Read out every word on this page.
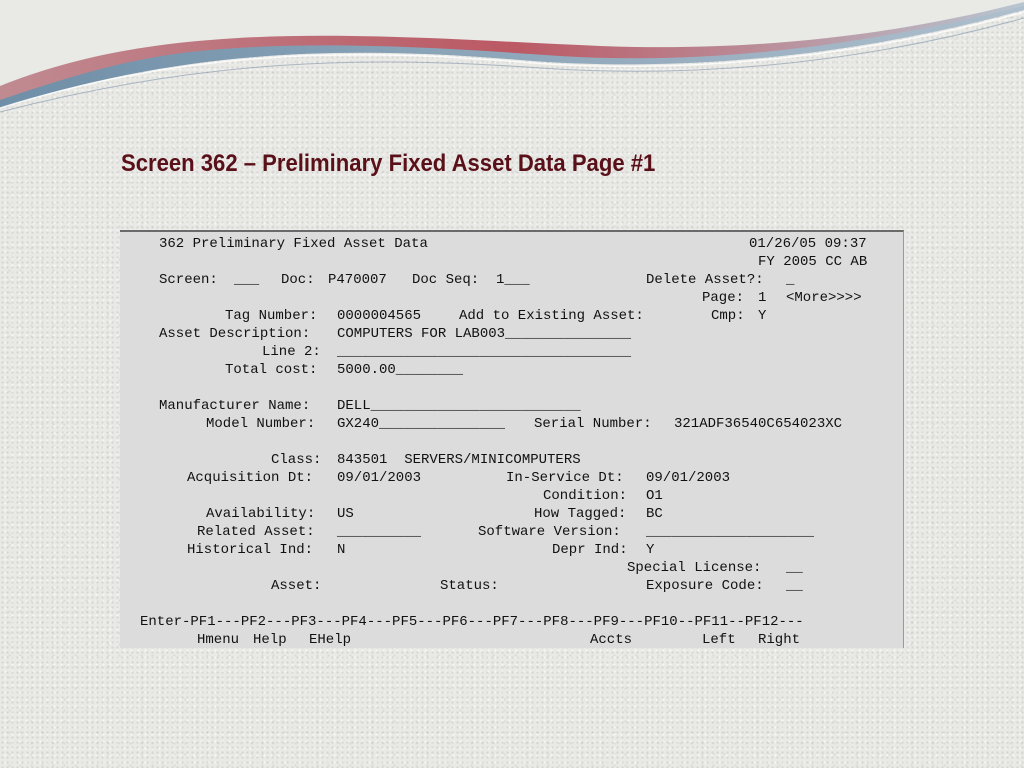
Screen 362 – Preliminary Fixed Asset Data Page #1
362 Preliminary Fixed Asset Data	01/26/05 09:37
FY 2005 CC AB
Screen: ___ Doc: P470007 Doc Seq: 1___	Delete Asset?: _
Page: 1 <More>>>>
Tag Number: 0000004565	Add to Existing Asset:	Cmp: Y
Asset Description: COMPUTERS FOR LAB003_______________
Line 2: ___________________________________
Total cost: 5000.00________
Manufacturer Name: DELL_________________________
Model Number: GX240_______________ Serial Number: 321ADF36540C654023XC
Class: 843501  SERVERS/MINICOMPUTERS
Acquisition Dt: 09/01/2003	In-Service Dt: 09/01/2003
Condition: O1
Availability: US	How Tagged: BC
Related Asset: __________	Software Version: ____________________
Historical Ind: N	Depr Ind: Y
Special License: __
Asset:	Status:	Exposure Code: __
Enter-PF1---PF2---PF3---PF4---PF5---PF6---PF7---PF8---PF9---PF10--PF11--PF12---
Hmenu Help EHelp	Accts	Left Right
